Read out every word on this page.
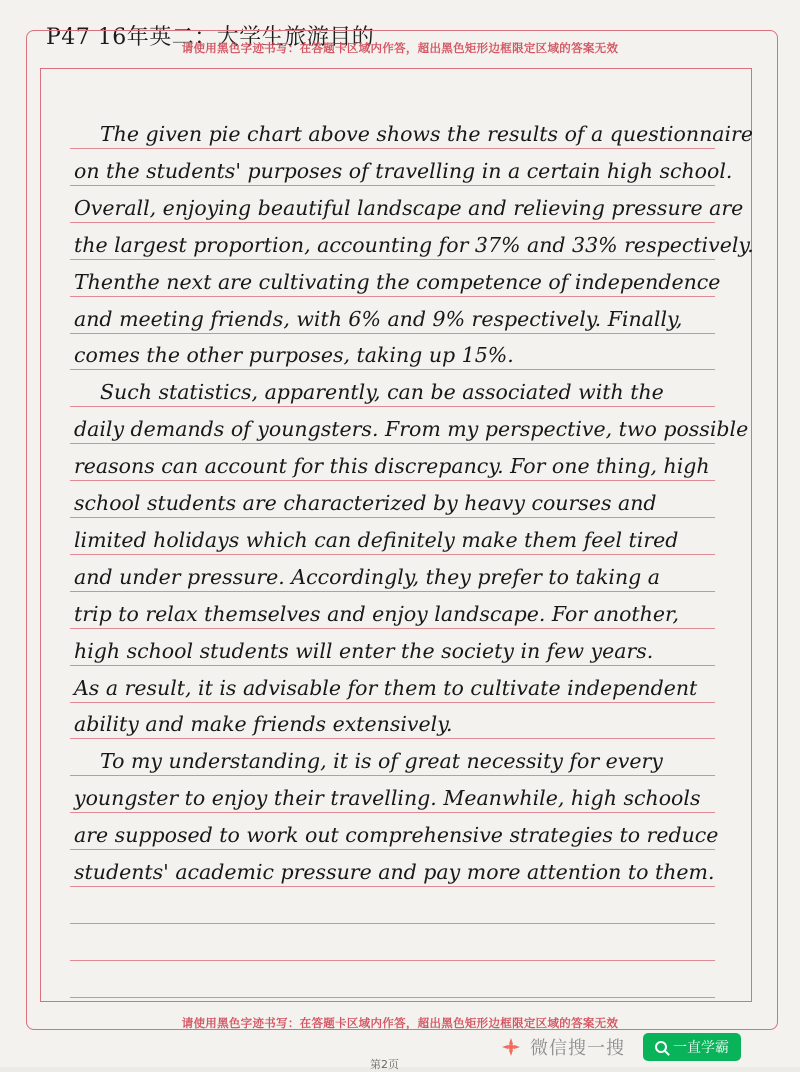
P47 16年英二：大学生旅游目的
请使用黑色字迹书写：在答题卡区域内作答，超出黑色矩形边框限定区域的答案无效
The given pie chart above shows the results of a questionnaire
on the students' purposes of travelling in a certain high school.
Overall, enjoying beautiful landscape and relieving pressure are
the largest proportion, accounting for 37% and 33% respectively.
Thenthe next are cultivating the competence of independence
and meeting friends, with 6% and 9% respectively. Finally,
comes the other purposes, taking up 15%.
Such statistics, apparently, can be associated with the
daily demands of youngsters. From my perspective, two possible
reasons can account for this discrepancy. For one thing, high
school students are characterized by heavy courses and
limited holidays which can definitely make them feel tired
and under pressure. Accordingly, they prefer to taking a
trip to relax themselves and enjoy landscape. For another,
high school students will enter the society in few years.
As a result, it is advisable for them to cultivate independent
ability and make friends extensively.
To my understanding, it is of great necessity for every
youngster to enjoy their travelling. Meanwhile, high schools
are supposed to work out comprehensive strategies to reduce
students' academic pressure and pay more attention to them.
请使用黑色字迹书写：在答题卡区域内作答，超出黑色矩形边框限定区域的答案无效
第2页
微信搜一搜	一直学霸
